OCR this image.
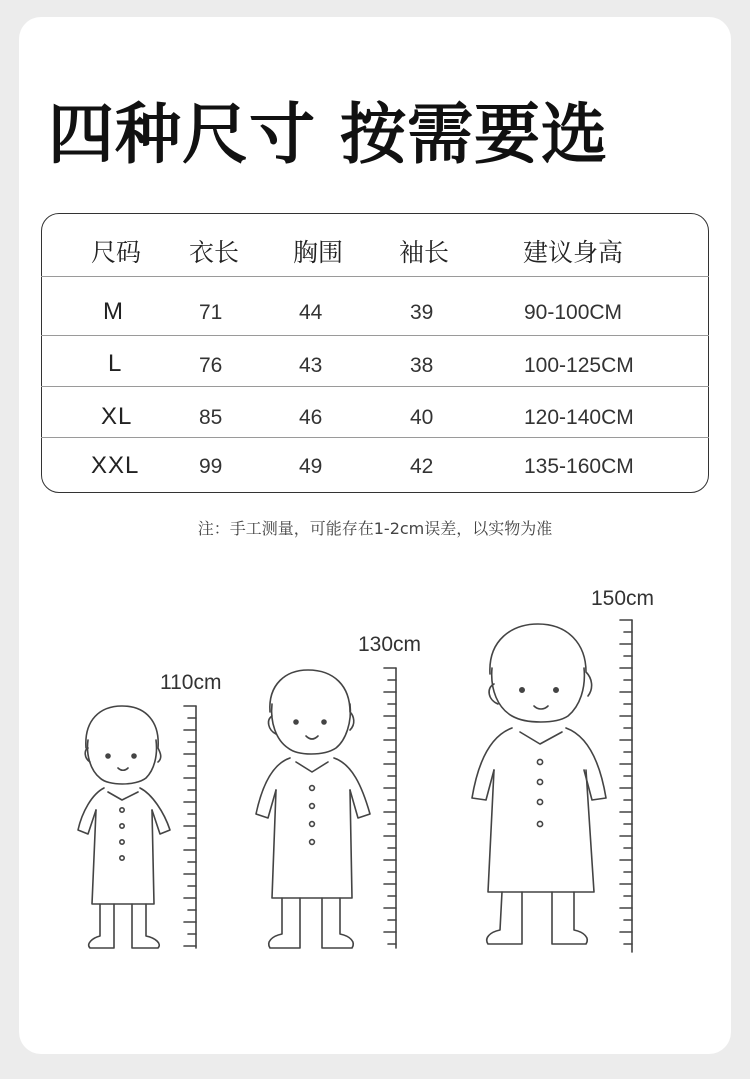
四种尺寸 按需要选
尺码 衣长 胸围 袖长	建议身高
M	71	44	39	90-100CM
L	76	43	38	100-125CM
XL	85	46	40	120-140CM
XXL	99	49	42	135-160CM
注：手工测量，可能存在1-2cm误差，以实物为准
110cm
130cm
150cm
